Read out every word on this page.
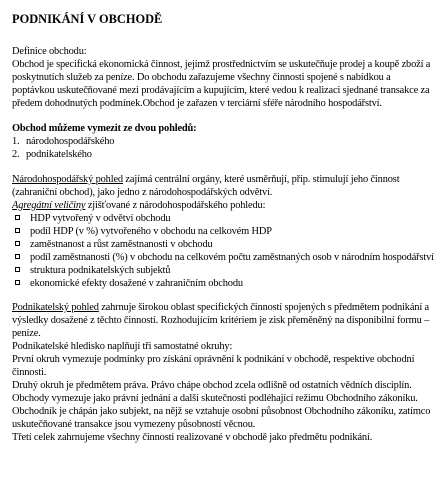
PODNIKÁNÍ V OBCHODĚ

Definice obchodu:

Obchod je specifická ekonomická činnost, jejímž prostřednictvím se uskutečňuje prodej a koupě zboží a poskytnutích služeb za peníze. Do obchodu zařazujeme všechny činnosti spojené s nabídkou a poptávkou uskutečňované mezi prodávajícím a kupujícím, které vedou k realizaci sjednané transakce za předem dohodnutých podmínek.Obchod je zařazen v terciární sféře národního hospodářství.

Obchod můžeme vymezit ze dvou pohledů:

1. národohospodářského
2. podnikatelského

Národohospodářský pohled zajímá centrální orgány, které usměrňují, příp. stimulují jeho činnost (zahraniční obchod), jako jedno z národohospodářských odvětví.

Agregátní veličiny zjišťované z národohospodářského pohledu:

HDP vytvořený v odvětví obchodu
podíl HDP (v %) vytvořeného v obchodu na celkovém HDP
zaměstnanost a růst zaměstnanosti v obchodu
podíl zaměstnanosti (%) v obchodu na celkovém počtu zaměstnaných osob v národním hospodářství
struktura podnikatelských subjektů
ekonomické efekty dosažené v zahraničním obchodu

Podnikatelský pohled zahrnuje širokou oblast specifických činností spojených s předmětem podnikání a výsledky dosažené z těchto činností. Rozhodujícím kritériem je zisk přeměněný na disponibilní formu – peníze.

Podnikatelské hledisko naplňují tři samostatné okruhy:

První okruh vymezuje podmínky pro získání oprávnění k podnikání v obchodě, respektive obchodní činnosti.

Druhý okruh je předmětem práva. Právo chápe obchod zcela odlišně od ostatních vědních disciplín. Obchody vymezuje jako právní jednání a další skutečnosti podléhající režimu Obchodního zákoníku. Obchodník je chápán jako subjekt, na nějž se vztahuje osobní působnost Obchodního zákoníku, zatímco uskutečňované transakce jsou vymezeny působností věcnou.

Třetí celek zahrnujeme všechny činnosti realizované v obchodě jako předmětu podnikání.
